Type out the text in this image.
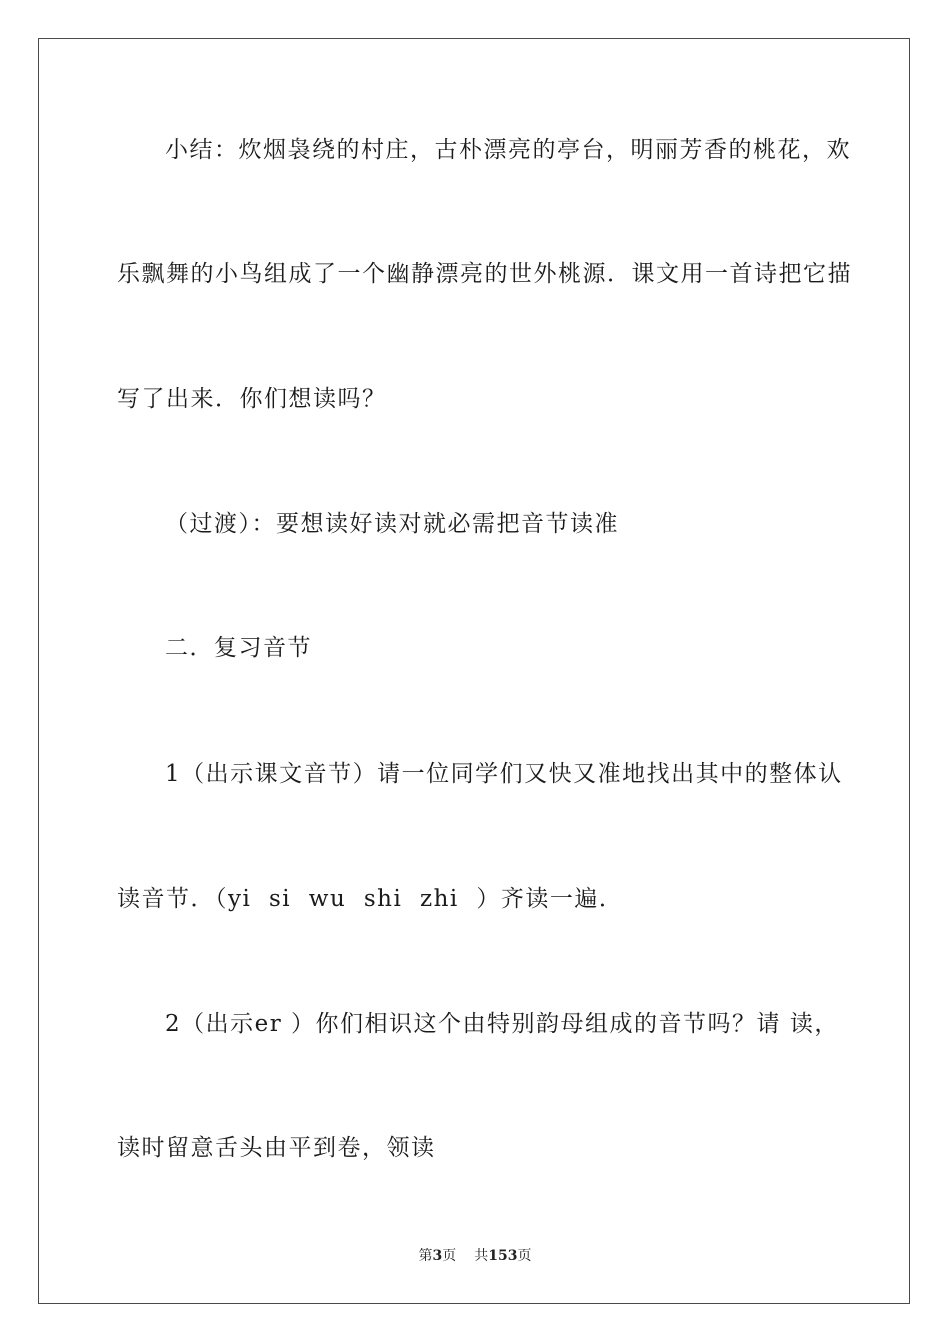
小结：炊烟袅绕的村庄，古朴漂亮的亭台，明丽芳香的桃花，欢
乐飘舞的小鸟组成了一个幽静漂亮的世外桃源．课文用一首诗把它描
写了出来．你们想读吗？
（过渡）：要想读好读对就必需把音节读准
二．复习音节
1（出示课文音节）请一位同学们又快又准地找出其中的整体认
读音节．（yi  si  wu  shi  zhi  ）齐读一遍．
2（出示er ）你们相识这个由特别韵母组成的音节吗？请 读，
读时留意舌头由平到卷，领读
第3页 共153页
